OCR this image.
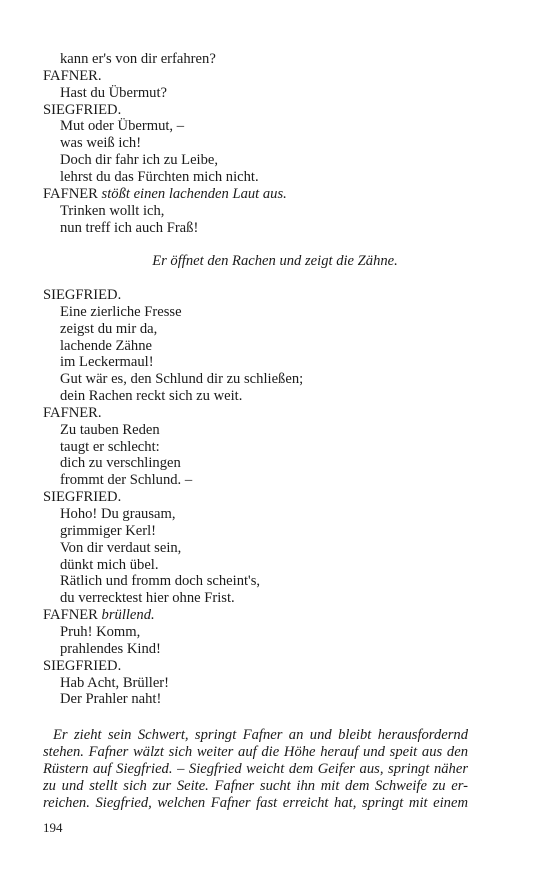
kann er's von dir erfahren?
FAFNER.
Hast du Übermut?
SIEGFRIED.
Mut oder Übermut, –
was weiß ich!
Doch dir fahr ich zu Leibe,
lehrst du das Fürchten mich nicht.
FAFNER stößt einen lachenden Laut aus.
Trinken wollt ich,
nun treff ich auch Fraß!
Er öffnet den Rachen und zeigt die Zähne.
SIEGFRIED.
Eine zierliche Fresse
zeigst du mir da,
lachende Zähne
im Leckermaul!
Gut wär es, den Schlund dir zu schließen;
dein Rachen reckt sich zu weit.
FAFNER.
Zu tauben Reden
taugt er schlecht:
dich zu verschlingen
frommt der Schlund. –
SIEGFRIED.
Hoho! Du grausam,
grimmiger Kerl!
Von dir verdaut sein,
dünkt mich übel.
Rätlich und fromm doch scheint's,
du verrecktest hier ohne Frist.
FAFNER brüllend.
Pruh! Komm,
prahlendes Kind!
SIEGFRIED.
Hab Acht, Brüller!
Der Prahler naht!
Er zieht sein Schwert, springt Fafner an und bleibt herausfordernd
stehen. Fafner wälzt sich weiter auf die Höhe herauf und speit aus den
Rüstern auf Siegfried. – Siegfried weicht dem Geifer aus, springt näher
zu und stellt sich zur Seite. Fafner sucht ihn mit dem Schweife zu er-
reichen. Siegfried, welchen Fafner fast erreicht hat, springt mit einem
194
